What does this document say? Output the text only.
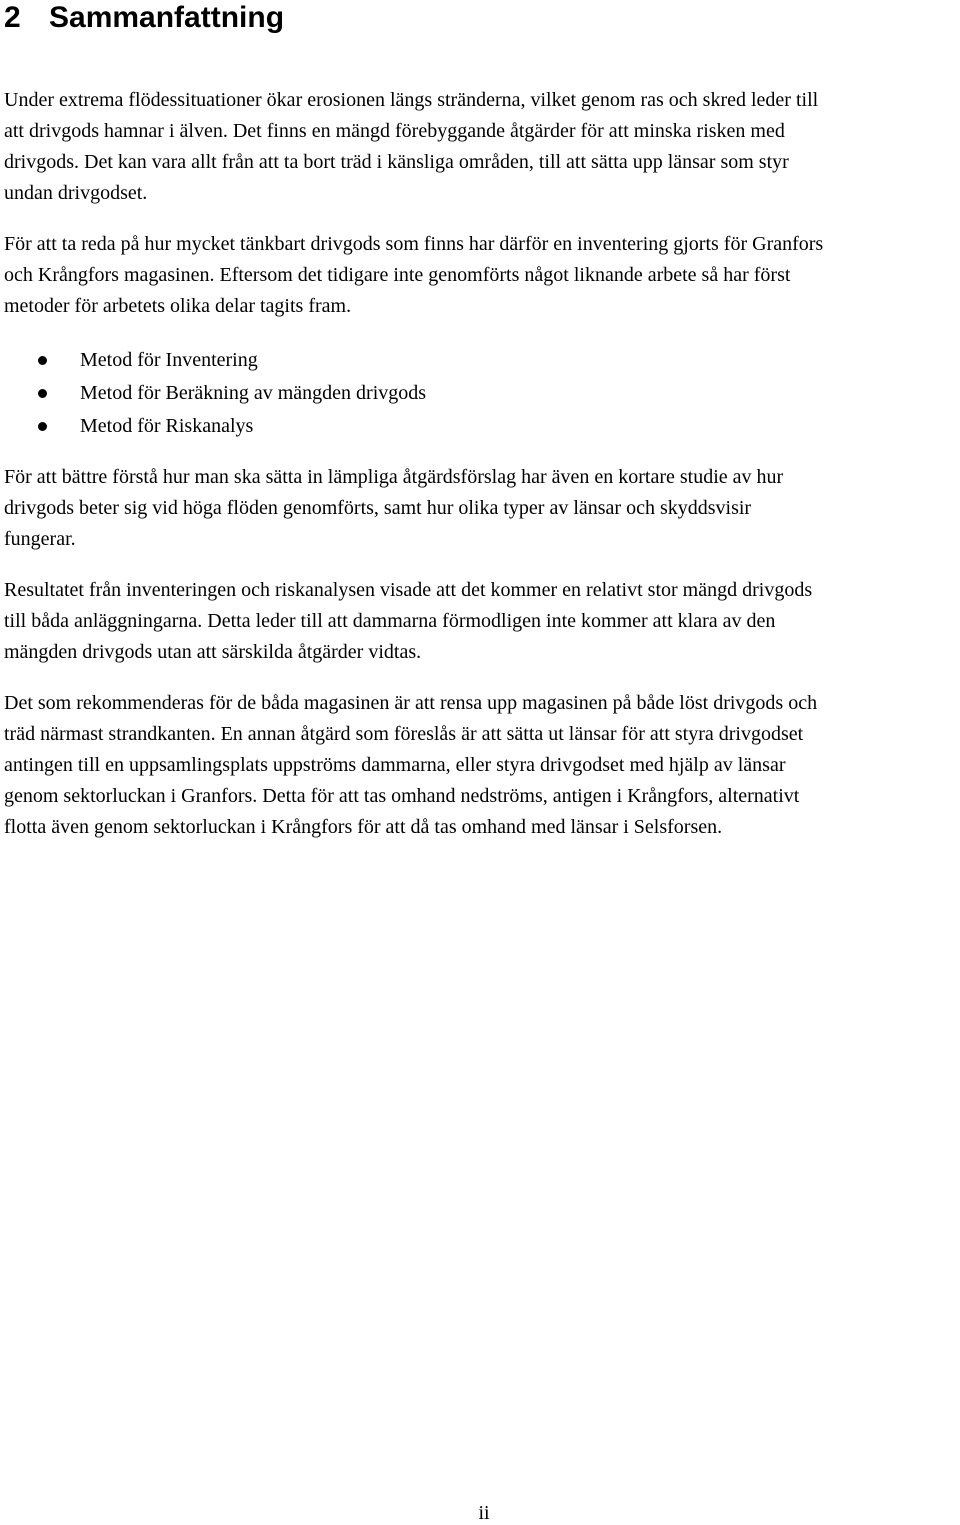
2 Sammanfattning

Under extrema flödessituationer ökar erosionen längs stränderna, vilket genom ras och skred leder till
att drivgods hamnar i älven. Det finns en mängd förebyggande åtgärder för att minska risken med
drivgods. Det kan vara allt från att ta bort träd i känsliga områden, till att sätta upp länsar som styr
undan drivgodset.

För att ta reda på hur mycket tänkbart drivgods som finns har därför en inventering gjorts för Granfors
och Krångfors magasinen. Eftersom det tidigare inte genomförts något liknande arbete så har först
metoder för arbetets olika delar tagits fram.

Metod för Inventering
Metod för Beräkning av mängden drivgods
Metod för Riskanalys

För att bättre förstå hur man ska sätta in lämpliga åtgärdsförslag har även en kortare studie av hur
drivgods beter sig vid höga flöden genomförts, samt hur olika typer av länsar och skyddsvisir
fungerar.

Resultatet från inventeringen och riskanalysen visade att det kommer en relativt stor mängd drivgods
till båda anläggningarna. Detta leder till att dammarna förmodligen inte kommer att klara av den
mängden drivgods utan att särskilda åtgärder vidtas.

Det som rekommenderas för de båda magasinen är att rensa upp magasinen på både löst drivgods och
träd närmast strandkanten. En annan åtgärd som föreslås är att sätta ut länsar för att styra drivgodset
antingen till en uppsamlingsplats uppströms dammarna, eller styra drivgodset med hjälp av länsar
genom sektorluckan i Granfors. Detta för att tas omhand nedströms, antigen i Krångfors, alternativt
flotta även genom sektorluckan i Krångfors för att då tas omhand med länsar i Selsforsen.

ii
